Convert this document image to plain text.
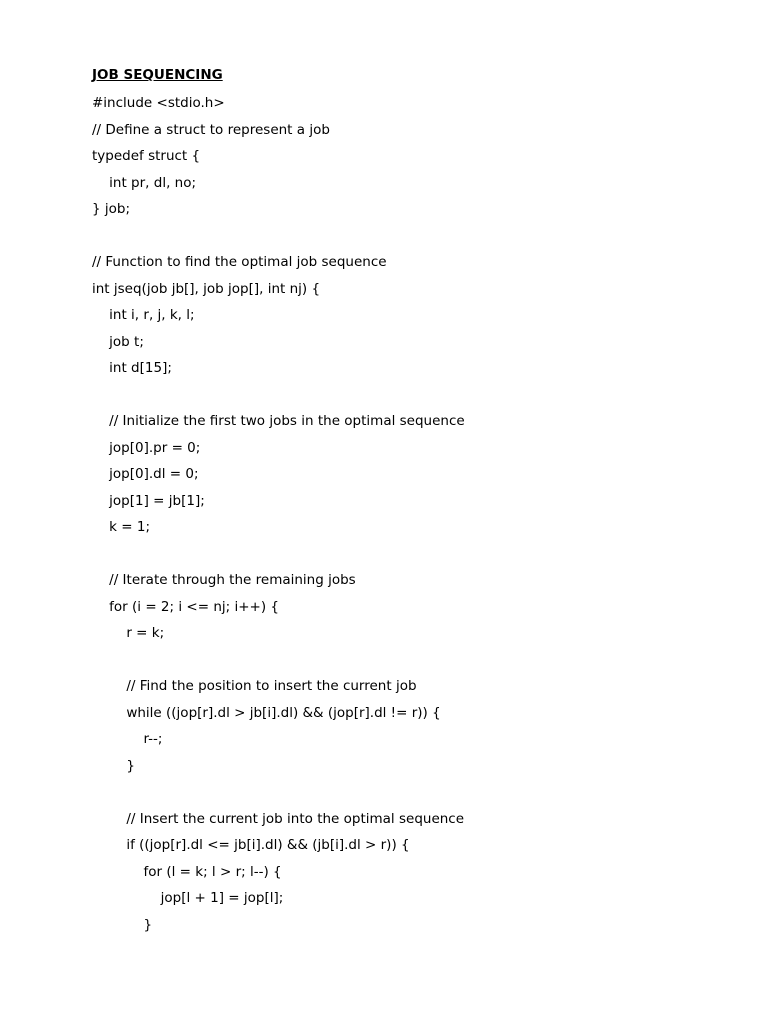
JOB SEQUENCING
#include <stdio.h>
// Define a struct to represent a job
typedef struct {
int pr, dl, no;
} job;
// Function to find the optimal job sequence
int jseq(job jb[], job jop[], int nj) {
int i, r, j, k, l;
job t;
int d[15];
// Initialize the first two jobs in the optimal sequence
jop[0].pr = 0;
jop[0].dl = 0;
jop[1] = jb[1];
k = 1;
// Iterate through the remaining jobs
for (i = 2; i <= nj; i++) {
r = k;
// Find the position to insert the current job
while ((jop[r].dl > jb[i].dl) && (jop[r].dl != r)) {
r--;
}
// Insert the current job into the optimal sequence
if ((jop[r].dl <= jb[i].dl) && (jb[i].dl > r)) {
for (l = k; l > r; l--) {
jop[l + 1] = jop[l];
}
